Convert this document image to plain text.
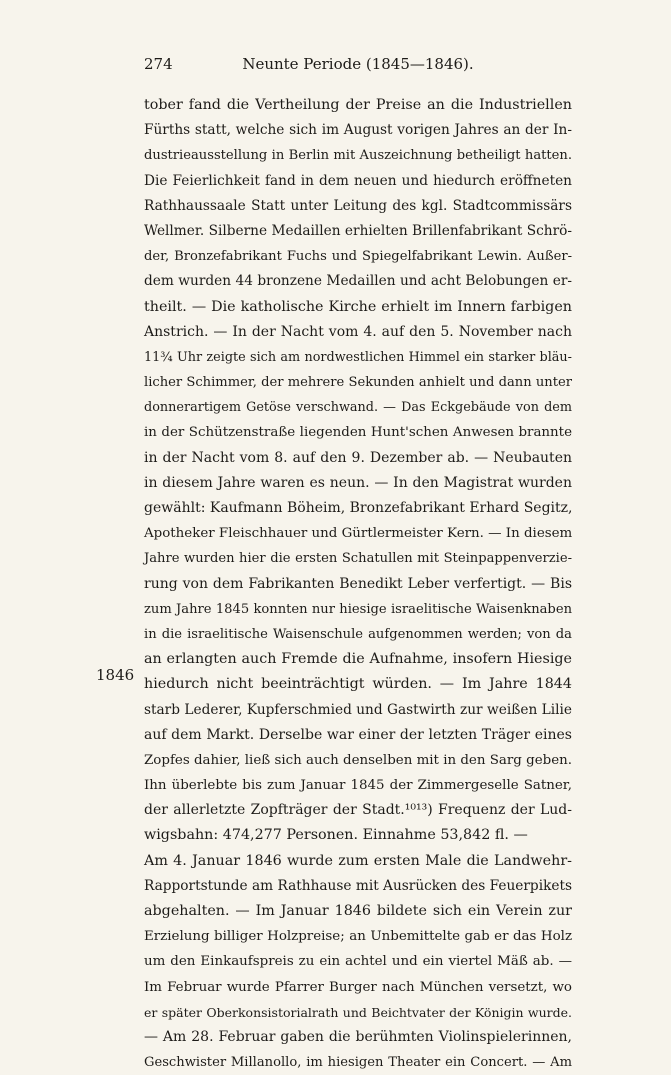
274	Neunte Periode (1845—1846).
1846
tober fand die Vertheilung der Preise an die Industriellen
Fürths statt, welche sich im August vorigen Jahres an der In-
dustrieausstellung in Berlin mit Auszeichnung betheiligt hatten.
Die Feierlichkeit fand in dem neuen und hiedurch eröffneten
Rathhaussaale Statt unter Leitung des kgl. Stadtcommissärs
Wellmer. Silberne Medaillen erhielten Brillenfabrikant Schrö-
der, Bronzefabrikant Fuchs und Spiegelfabrikant Lewin. Außer-
dem wurden 44 bronzene Medaillen und acht Belobungen er-
theilt. — Die katholische Kirche erhielt im Innern farbigen
Anstrich. — In der Nacht vom 4. auf den 5. November nach
11¾ Uhr zeigte sich am nordwestlichen Himmel ein starker bläu-
licher Schimmer, der mehrere Sekunden anhielt und dann unter
donnerartigem Getöse verschwand. — Das Eckgebäude von dem
in der Schützenstraße liegenden Hunt'schen Anwesen brannte
in der Nacht vom 8. auf den 9. Dezember ab. — Neubauten
in diesem Jahre waren es neun. — In den Magistrat wurden
gewählt: Kaufmann Böheim, Bronzefabrikant Erhard Segitz,
Apotheker Fleischhauer und Gürtlermeister Kern. — In diesem
Jahre wurden hier die ersten Schatullen mit Steinpappenverzie-
rung von dem Fabrikanten Benedikt Leber verfertigt. — Bis
zum Jahre 1845 konnten nur hiesige israelitische Waisenknaben
in die israelitische Waisenschule aufgenommen werden; von da
an erlangten auch Fremde die Aufnahme, insofern Hiesige
hiedurch nicht beeinträchtigt würden. — Im Jahre 1844
starb Lederer, Kupferschmied und Gastwirth zur weißen Lilie
auf dem Markt. Derselbe war einer der letzten Träger eines
Zopfes dahier, ließ sich auch denselben mit in den Sarg geben.
Ihn überlebte bis zum Januar 1845 der Zimmergeselle Satner,
der allerletzte Zopfträger der Stadt.¹⁰¹³) Frequenz der Lud-
wigsbahn: 474,277 Personen. Einnahme 53,842 fl. —
Am 4. Januar 1846 wurde zum ersten Male die Landwehr-
Rapportstunde am Rathhause mit Ausrücken des Feuerpikets
abgehalten. — Im Januar 1846 bildete sich ein Verein zur
Erzielung billiger Holzpreise; an Unbemittelte gab er das Holz
um den Einkaufspreis zu ein achtel und ein viertel Mäß ab. —
Im Februar wurde Pfarrer Burger nach München versetzt, wo
er später Oberkonsistorialrath und Beichtvater der Königin wurde.
— Am 28. Februar gaben die berühmten Violinspielerinnen,
Geschwister Millanollo, im hiesigen Theater ein Concert. — Am
